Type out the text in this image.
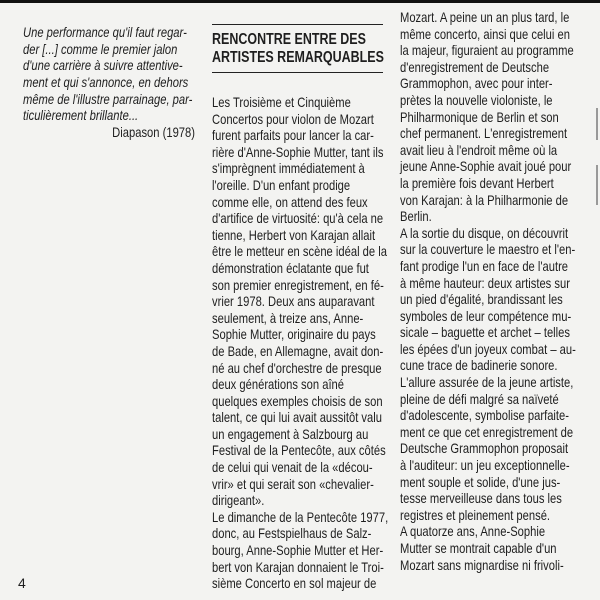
Une performance qu'il faut regar-
der [...] comme le premier jalon
d'une carrière à suivre attentive-
ment et qui s'annonce, en dehors
même de l'illustre parrainage, par-
ticulièrement brillante...
Diapason (1978)
RENCONTRE ENTRE DES
ARTISTES REMARQUABLES
Les Troisième et Cinquième
Concertos pour violon de Mozart
furent parfaits pour lancer la car-
rière d'Anne-Sophie Mutter, tant ils
s'imprègnent immédiatement à
l'oreille. D'un enfant prodige
comme elle, on attend des feux
d'artifice de virtuosité: qu'à cela ne
tienne, Herbert von Karajan allait
être le metteur en scène idéal de la
démonstration éclatante que fut
son premier enregistrement, en fé-
vrier 1978. Deux ans auparavant
seulement, à treize ans, Anne-
Sophie Mutter, originaire du pays
de Bade, en Allemagne, avait don-
né au chef d'orchestre de presque
deux générations son aîné
quelques exemples choisis de son
talent, ce qui lui avait aussitôt valu
un engagement à Salzbourg au
Festival de la Pentecôte, aux côtés
de celui qui venait de la «décou-
vrir» et qui serait son «chevalier-
dirigeant».
Le dimanche de la Pentecôte 1977,
donc, au Festspielhaus de Salz-
bourg, Anne-Sophie Mutter et Her-
bert von Karajan donnaient le Troi-
sième Concerto en sol majeur de
Mozart. A peine un an plus tard, le
même concerto, ainsi que celui en
la majeur, figuraient au programme
d'enregistrement de Deutsche
Grammophon, avec pour inter-
prètes la nouvelle violoniste, le
Philharmonique de Berlin et son
chef permanent. L'enregistrement
avait lieu à l'endroit même où la
jeune Anne-Sophie avait joué pour
la première fois devant Herbert
von Karajan: à la Philharmonie de
Berlin.
A la sortie du disque, on découvrit
sur la couverture le maestro et l'en-
fant prodige l'un en face de l'autre
à même hauteur: deux artistes sur
un pied d'égalité, brandissant les
symboles de leur compétence mu-
sicale – baguette et archet – telles
les épées d'un joyeux combat – au-
cune trace de badinerie sonore.
L'allure assurée de la jeune artiste,
pleine de défi malgré sa naïveté
d'adolescente, symbolise parfaite-
ment ce que cet enregistrement de
Deutsche Grammophon proposait
à l'auditeur: un jeu exceptionnelle-
ment souple et solide, d'une jus-
tesse merveilleuse dans tous les
registres et pleinement pensé.
A quatorze ans, Anne-Sophie
Mutter se montrait capable d'un
Mozart sans mignardise ni frivoli-
4
